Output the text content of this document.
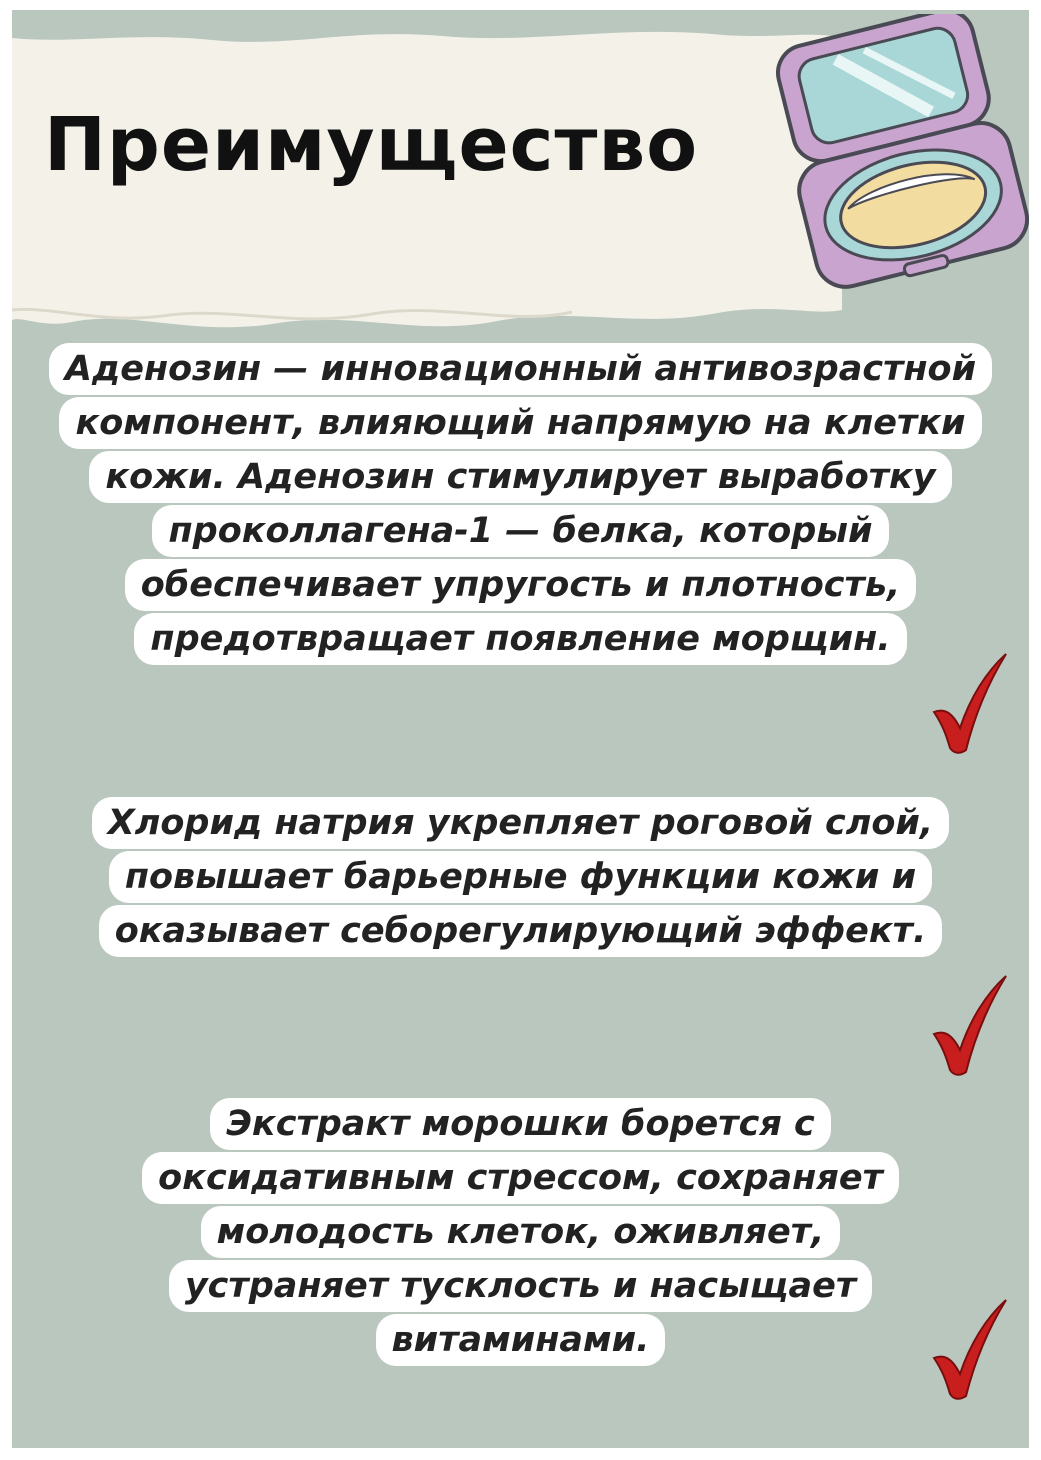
Преимущество
Аденозин — инновационный антивозрастной
компонент, влияющий напрямую на клетки
кожи. Аденозин стимулирует выработку
проколлагена-1 — белка, который
обеспечивает упругость и плотность,
предотвращает появление морщин.
Хлорид натрия укрепляет роговой слой,
повышает барьерные функции кожи и
оказывает себорегулирующий эффект.
Экстракт морошки борется с
оксидативным стрессом, сохраняет
молодость клеток, оживляет,
устраняет тусклость и насыщает
витаминами.
